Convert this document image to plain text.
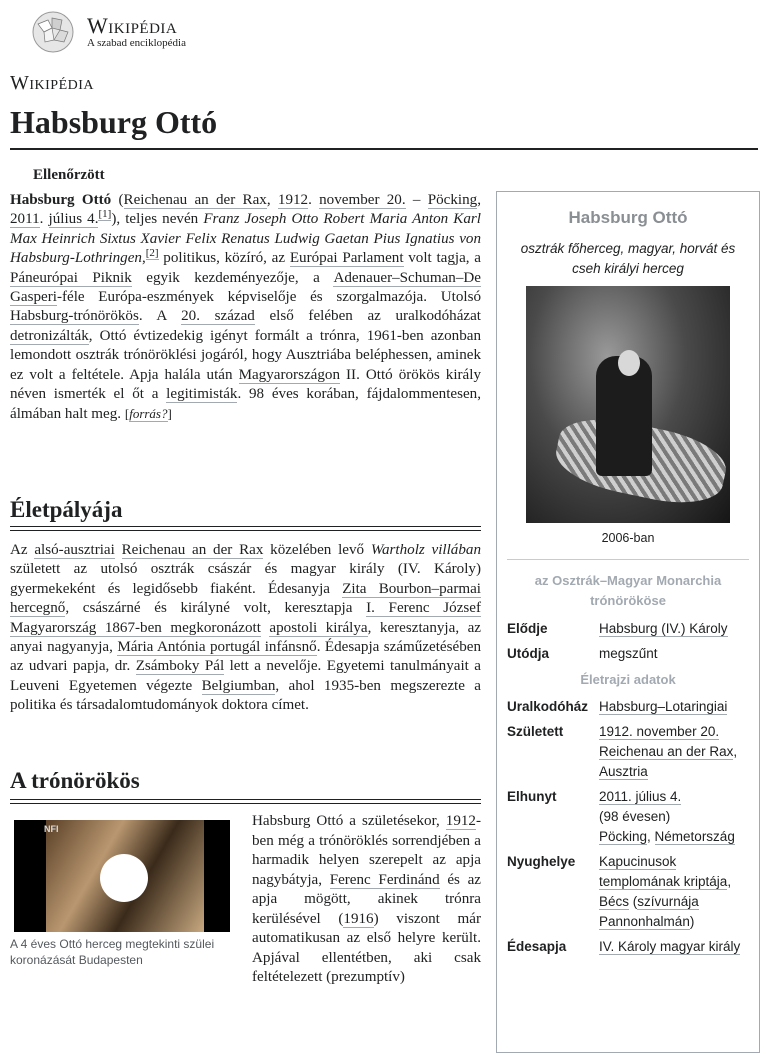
Wikipédia
A szabad enciklopédia
Wikipédia
Habsburg Ottó
Ellenőrzött
Habsburg Ottó (Reichenau an der Rax, 1912. november 20. – Pöcking, 2011. július 4.[1]), teljes nevén Franz Joseph Otto Robert Maria Anton Karl Max Heinrich Sixtus Xavier Felix Renatus Ludwig Gaetan Pius Ignatius von Habsburg-Lothringen,[2] politikus, közíró, az Európai Parlament volt tagja, a Páneurópai Piknik egyik kezdeményezője, a Adenauer–Schuman–De Gasperi-féle Európa-eszmények képviselője és szorgalmazója. Utolsó Habsburg-trónörökös. A 20. század első felében az uralkodóházat detronizálták, Ottó évtizedekig igényt formált a trónra, 1961-ben azonban lemondott osztrák trónöröklési jogáról, hogy Ausztriába beléphessen, aminek ez volt a feltétele. Apja halála után Magyarországon II. Ottó örökös király néven ismerték el őt a legitimisták. 98 éves korában, fájdalommentesen, álmában halt meg. [forrás?]
Életpályája
Az alsó-ausztriai Reichenau an der Rax közelében levő Wartholz villában született az utolsó osztrák császár és magyar király (IV. Károly) gyermekeként és legidősebb fiaként. Édesanyja Zita Bourbon–parmai hercegnő, császárné és királyné volt, keresztapja I. Ferenc József Magyarország 1867-ben megkoronázott apostoli királya, keresztanyja, az anyai nagyanyja, Mária Antónia portugál infánsnő. Édesapja száműzetésében az udvari papja, dr. Zsámboky Pál lett a nevelője. Egyetemi tanulmányait a Leuveni Egyetemen végezte Belgiumban, ahol 1935-ben megszerezte a politika és társadalomtudományok doktora címet.
A trónörökös
NFI
A 4 éves Ottó herceg megtekinti szülei koronázását Budapesten
Habsburg Ottó a születésekor, 1912-ben még a trónöröklés sorrendjében a harmadik helyen szerepelt az apja nagybátyja, Ferenc Ferdinánd és az apja mögött, akinek trónra kerülésével (1916) viszont már automatikusan az első helyre került. Apjával ellentétben, aki csak feltételezett (prezumptív)
Habsburg Ottó
osztrák főherceg, magyar, horvát és cseh királyi herceg
2006-ban
az Osztrák–Magyar Monarchia trónörököse
Elődje	Habsburg (IV.) Károly
Utódja	megszűnt
Életrajzi adatok
Uralkodóház Habsburg–Lotaringiai
Született	1912. november 20.
Reichenau an der Rax,
Ausztria
Elhunyt	2011. július 4.
(98 évesen)
Pöcking, Németország
Nyughelye	Kapucinusok templomának kriptája,
Bécs (szívurnája Pannonhalmán)
Édesapja	IV. Károly magyar király
